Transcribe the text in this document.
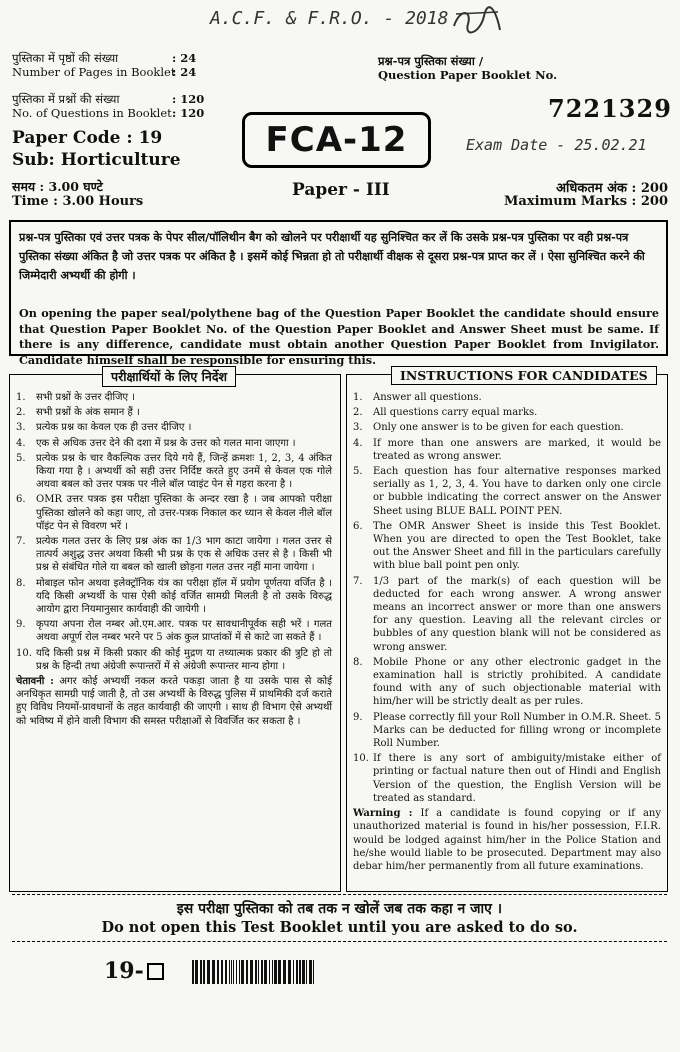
A.C.F. & F.R.O. - 2018
Exam Date - 25.02.21
पुस्तिका में पृष्ठों की संख्या	: 24
Number of Pages in Booklet
: 24
पुस्तिका में प्रश्नों की संख्या	: 120
No. of Questions in Booklet : 120
Paper Code : 19
Sub: Horticulture
समय : 3.00 घण्टे
Time : 3.00 Hours
प्रश्न-पत्र पुस्तिका संख्या /
Question Paper Booklet No.
7221329
FCA-12
Paper - III	अधिकतम अंक : 200
Maximum Marks : 200

प्रश्न-पत्र पुस्तिका एवं उत्तर पत्रक के पेपर सील/पॉलिथीन बैग को खोलने पर परीक्षार्थी यह सुनिश्चित कर लें कि उसके प्रश्न-पत्र पुस्तिका पर वही प्रश्न-पत्र पुस्तिका संख्या अंकित है जो उत्तर पत्रक पर अंकित है । इसमें कोई भिन्नता हो तो परीक्षार्थी वीक्षक से दूसरा प्रश्न-पत्र प्राप्त कर लें । ऐसा सुनिश्चित करने की जिम्मेदारी अभ्यर्थी की होगी ।

On opening the paper seal/polythene bag of the Question Paper Booklet the candidate should ensure that Question Paper Booklet No. of the Question Paper Booklet and Answer Sheet must be same. If there is any difference, candidate must obtain another Question Paper Booklet from Invigilator. Candidate himself shall be responsible for ensuring this.

परीक्षार्थियों के लिए निर्देश
1.	सभी प्रश्नों के उत्तर दीजिए ।
2.	सभी प्रश्नों के अंक समान हैं ।
3.	प्रत्येक प्रश्न का केवल एक ही उत्तर दीजिए ।
4.	एक से अधिक उत्तर देने की दशा में प्रश्न के उत्तर को गलत माना जाएगा ।
5.	प्रत्येक प्रश्न के चार वैकल्पिक उत्तर दिये गये हैं, जिन्हें क्रमशः 1, 2, 3, 4 अंकित किया गया है । अभ्यर्थी को सही उत्तर निर्दिष्ट करते हुए उनमें से केवल एक गोले अथवा बबल को उत्तर पत्रक पर नीले बॉल प्वाइंट पेन से गहरा करना है ।
6.	OMR उत्तर पत्रक इस परीक्षा पुस्तिका के अन्दर रखा है । जब आपको परीक्षा पुस्तिका खोलने को कहा जाए, तो उत्तर-पत्रक निकाल कर ध्यान से केवल नीले बॉल पॉइंट पेन से विवरण भरें ।
7.	प्रत्येक गलत उत्तर के लिए प्रश्न अंक का 1/3 भाग काटा जायेगा । गलत उत्तर से तात्पर्य अशुद्ध उत्तर अथवा किसी भी प्रश्न के एक से अधिक उत्तर से है । किसी भी प्रश्न से संबंधित गोले या बबल को खाली छोड़ना गलत उत्तर नहीं माना जायेगा ।
8.	मोबाइल फोन अथवा इलेक्ट्रॉनिक यंत्र का परीक्षा हॉल में प्रयोग पूर्णतया वर्जित है । यदि किसी अभ्यर्थी के पास ऐसी कोई वर्जित सामग्री मिलती है तो उसके विरुद्ध आयोग द्वारा नियमानुसार कार्यवाही की जायेगी ।
9.	कृपया अपना रोल नम्बर ओ.एम.आर. पत्रक पर सावधानीपूर्वक सही भरें । गलत अथवा अपूर्ण रोल नम्बर भरने पर 5 अंक कुल प्राप्तांकों में से काटे जा सकते हैं ।
10. यदि किसी प्रश्न में किसी प्रकार की कोई मुद्रण या तथ्यात्मक प्रकार की त्रुटि हो तो प्रश्न के हिन्दी तथा अंग्रेजी रूपान्तरों में से अंग्रेजी रूपान्तर मान्य होगा ।
चेतावनी : अगर कोई अभ्यर्थी नकल करते पकड़ा जाता है या उसके पास से कोई अनधिकृत सामग्री पाई जाती है, तो उस अभ्यर्थी के विरुद्ध पुलिस में प्राथमिकी दर्ज कराते हुए विविध नियमों-प्रावधानों के तहत कार्यवाही की जाएगी । साथ ही विभाग ऐसे अभ्यर्थी को भविष्य में होने वाली विभाग की समस्त परीक्षाओं से विवर्जित कर सकता है ।
INSTRUCTIONS FOR CANDIDATES
1.	Answer all questions.
2.	All questions carry equal marks.
3.	Only one answer is to be given for each question.
4.	If more than one answers are marked, it would be treated as wrong answer.
5.	Each question has four alternative responses marked serially as 1, 2, 3, 4. You have to darken only one circle or bubble indicating the correct answer on the Answer Sheet using BLUE BALL POINT PEN.
6.	The OMR Answer Sheet is inside this Test Booklet. When you are directed to open the Test Booklet, take out the Answer Sheet and fill in the particulars carefully with blue ball point pen only.
7.	1/3 part of the mark(s) of each question will be deducted for each wrong answer. A wrong answer means an incorrect answer or more than one answers for any question. Leaving all the relevant circles or bubbles of any question blank will not be considered as wrong answer.
8.	Mobile Phone or any other electronic gadget in the examination hall is strictly prohibited. A candidate found with any of such objectionable material with him/her will be strictly dealt as per rules.
9.	Please correctly fill your Roll Number in O.M.R. Sheet. 5 Marks can be deducted for filling wrong or incomplete Roll Number.
10. If there is any sort of ambiguity/mistake either of printing or factual nature then out of Hindi and English Version of the question, the English Version will be treated as standard.
Warning : If a candidate is found copying or if any unauthorized material is found in his/her possession, F.I.R. would be lodged against him/her in the Police Station and he/she would liable to be prosecuted. Department may also debar him/her permanently from all future examinations.
इस परीक्षा पुस्तिका को तब तक न खोलें जब तक कहा न जाए ।
Do not open this Test Booklet until you are asked to do so.
19-
